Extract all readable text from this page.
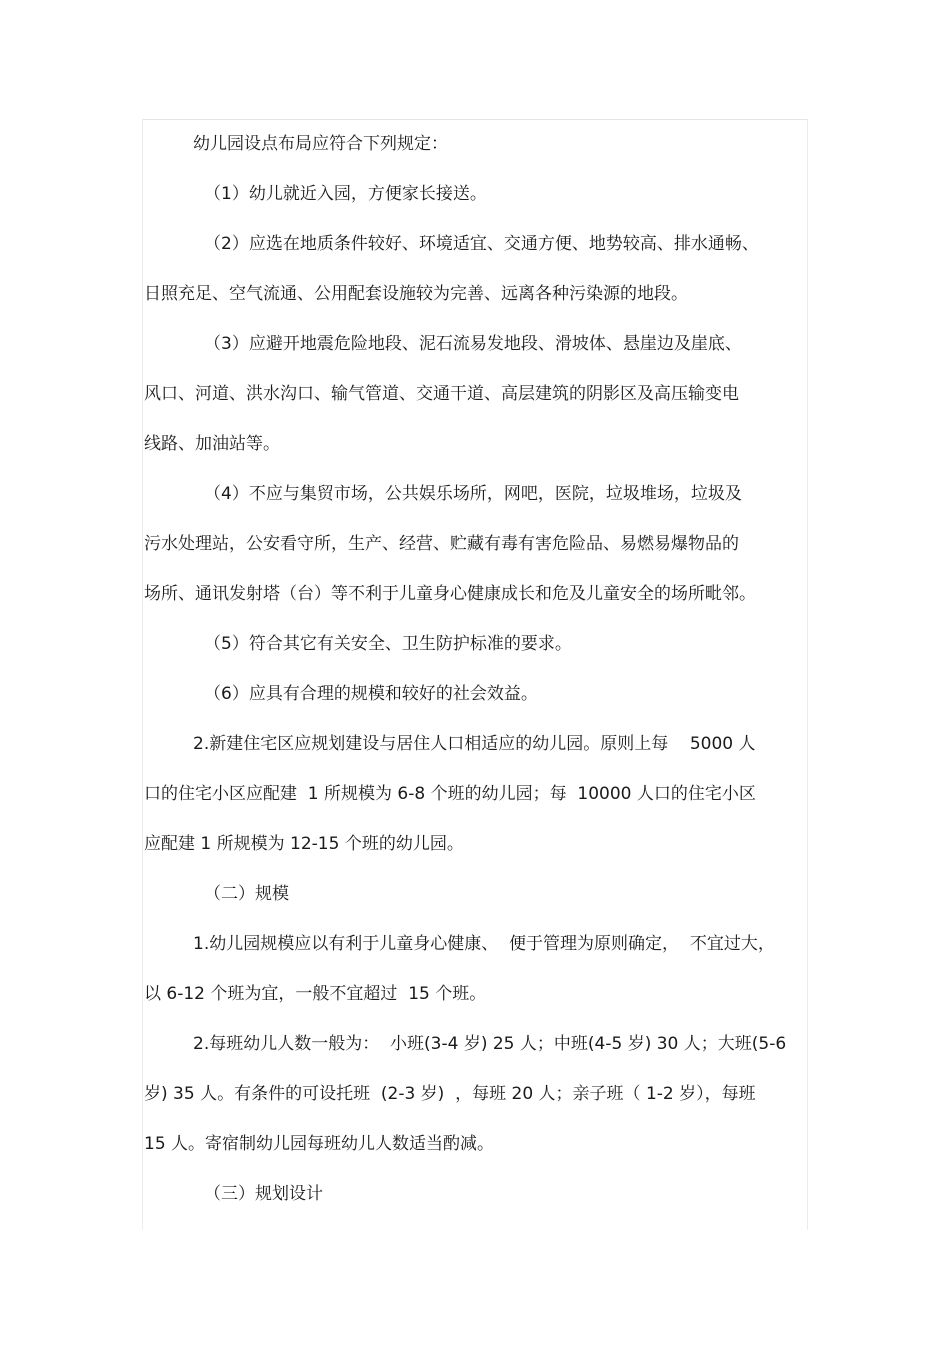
幼儿园设点布局应符合下列规定：

（1）幼儿就近入园，方便家长接送。

（2）应选在地质条件较好、环境适宜、交通方便、地势较高、排水通畅、

日照充足、空气流通、公用配套设施较为完善、远离各种污染源的地段。

（3）应避开地震危险地段、泥石流易发地段、滑坡体、悬崖边及崖底、

风口、河道、洪水沟口、输气管道、交通干道、高层建筑的阴影区及高压输变电

线路、加油站等。

（4）不应与集贸市场，公共娱乐场所，网吧，医院，垃圾堆场，垃圾及

污水处理站，公安看守所，生产、经营、贮藏有毒有害危险品、易燃易爆物品的

场所、通讯发射塔（台）等不利于儿童身心健康成长和危及儿童安全的场所毗邻。

（5）符合其它有关安全、卫生防护标准的要求。

（6）应具有合理的规模和较好的社会效益。

2.新建住宅区应规划建设与居住人口相适应的幼儿园。原则上每    5000 人

口的住宅小区应配建  1 所规模为 6-8 个班的幼儿园；每  10000 人口的住宅小区

应配建 1 所规模为 12-15 个班的幼儿园。

（二）规模

1.幼儿园规模应以有利于儿童身心健康、  便于管理为原则确定，  不宜过大，

以 6-12 个班为宜，一般不宜超过  15 个班。

2.每班幼儿人数一般为：  小班(3-4 岁) 25 人；中班(4-5 岁) 30 人；大班(5-6

岁) 35 人。有条件的可设托班  (2-3 岁)  ，每班 20 人；亲子班（ 1-2 岁），每班

15 人。寄宿制幼儿园每班幼儿人数适当酌减。

（三）规划设计
